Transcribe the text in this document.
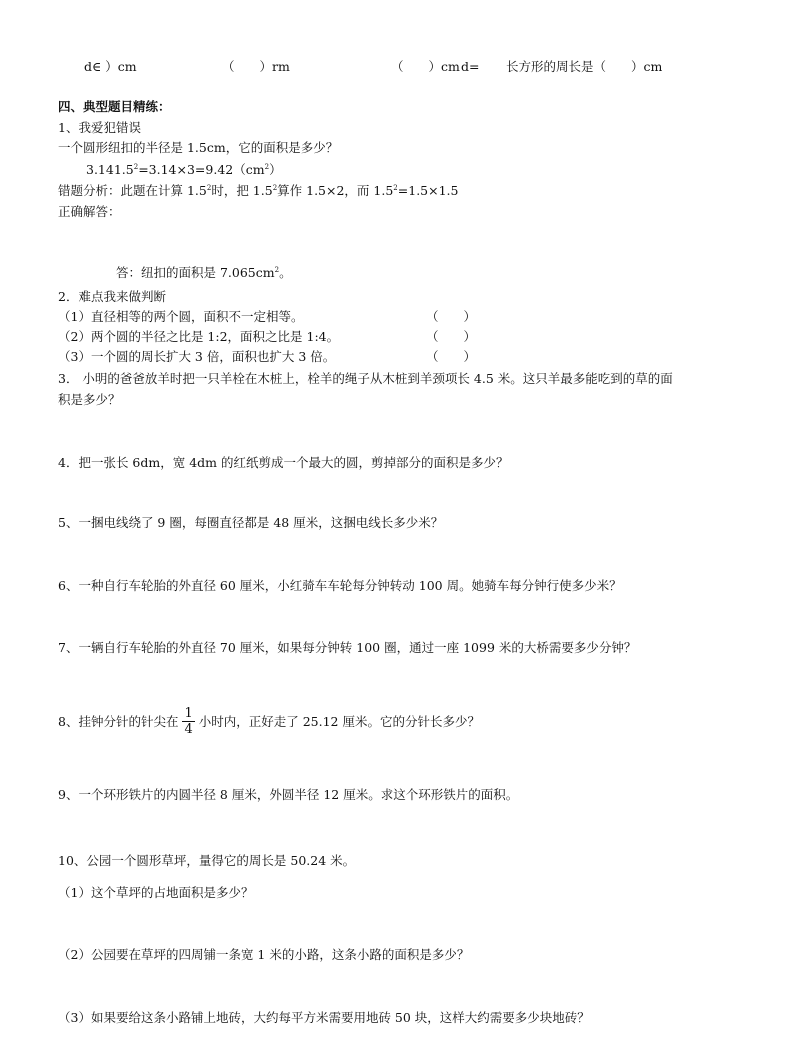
d∈ ）cm	（　　）rm	（　　）cm d= 长方形的周长是（　　）cm
四、典型题目精练：
1、我爱犯错误
一个圆形纽扣的半径是 1.5cm，它的面积是多少？
$3.141.5^2=3.14\times 3=9.42(cm^2)$
错题分析：此题在计算 $1.5^2$时，把 $1.5^2$算作 1.5×2，而 $1.5^2=1.5\times 1.5$
正确解答：
答：纽扣的面积是 $7.065cm^2$。
2．难点我来做判断
（1）直径相等的两个圆，面积不一定相等。	（　　）
（2）两个圆的半径之比是 1:2，面积之比是 1:4。	（　　）
（3）一个圆的周长扩大 3 倍，面积也扩大 3 倍。	（　　）
3． 小明的爸爸放羊时把一只羊栓在木桩上，栓羊的绳子从木桩到羊颈项长 4.5 米。这只羊最多能吃到的草的面
积是多少？
4．把一张长 6dm，宽 4dm 的红纸剪成一个最大的圆，剪掉部分的面积是多少？
5、一捆电线绕了 9 圈，每圈直径都是 48 厘米，这捆电线长多少米？
6、一种自行车轮胎的外直径 60 厘米，小红骑车车轮每分钟转动 100 周。她骑车每分钟行使多少米？
7、一辆自行车轮胎的外直径 70 厘米，如果每分钟转 100 圈，通过一座 1099 米的大桥需要多少分钟？
8、挂钟分针的针尖在 $\frac{1}{4}$ 小时内，正好走了 25.12 厘米。它的分针长多少？
9、一个环形铁片的内圆半径 8 厘米，外圆半径 12 厘米。求这个环形铁片的面积。
10、公园一个圆形草坪，量得它的周长是 50.24 米。
（1）这个草坪的占地面积是多少？
（2）公园要在草坪的四周铺一条宽 1 米的小路，这条小路的面积是多少？
（3）如果要给这条小路铺上地砖，大约每平方米需要用地砖 50 块，这样大约需要多少块地砖？
